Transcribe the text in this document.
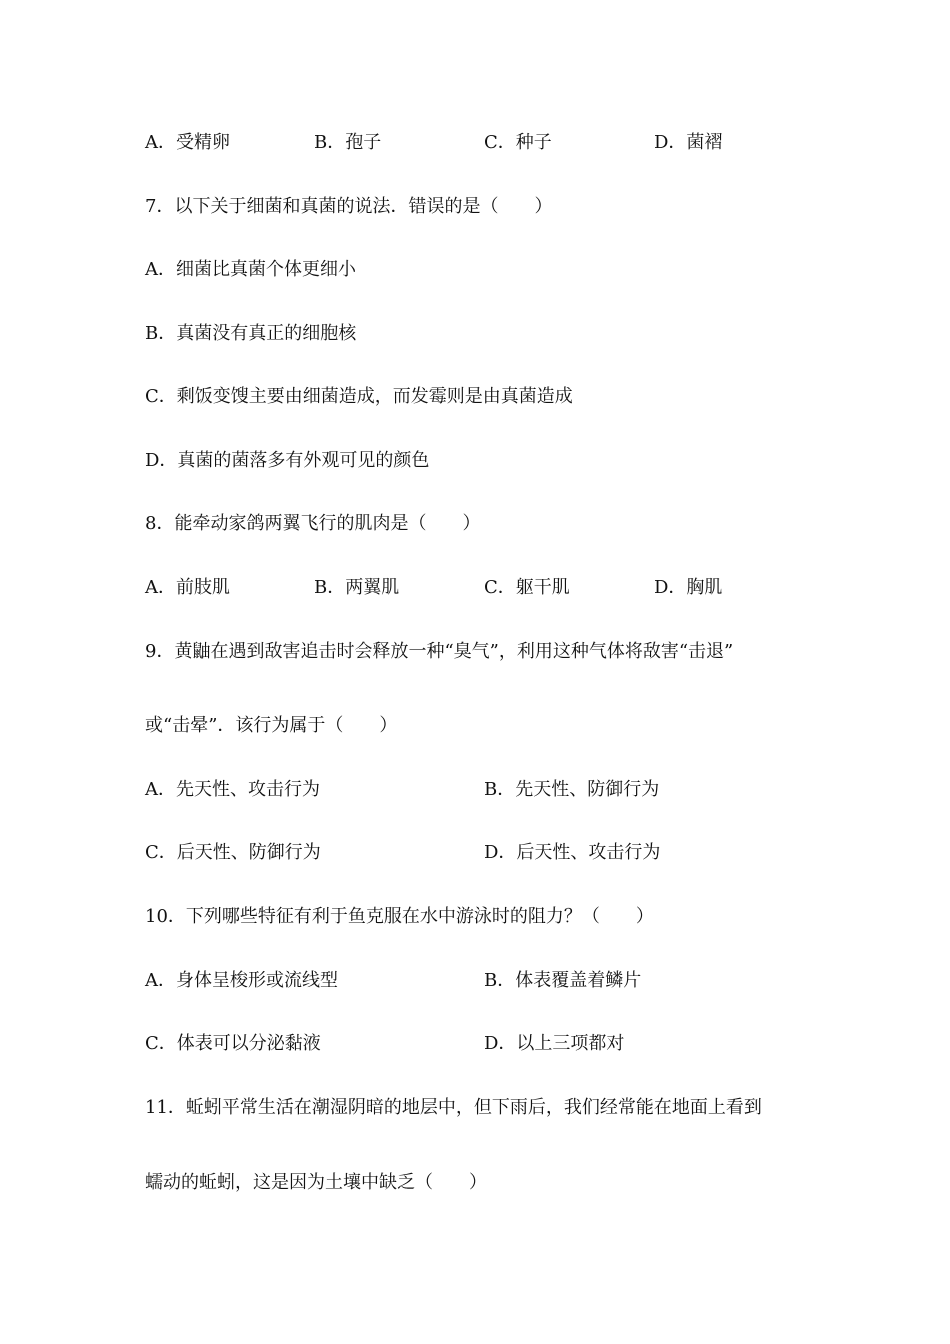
A．受精卵	B．孢子	C．种子	D．菌褶
7．以下关于细菌和真菌的说法．错误的是（　　）
A．细菌比真菌个体更细小
B．真菌没有真正的细胞核
C．剩饭变馊主要由细菌造成，而发霉则是由真菌造成
D．真菌的菌落多有外观可见的颜色
8．能牵动家鸽两翼飞行的肌肉是（　　）
A．前肢肌	B．两翼肌	C．躯干肌	D．胸肌
9．黄鼬在遇到敌害追击时会释放一种“臭气”，利用这种气体将敌害“击退”
或“击晕”．该行为属于（　　）
A．先天性、攻击行为	B．先天性、防御行为
C．后天性、防御行为	D．后天性、攻击行为
10．下列哪些特征有利于鱼克服在水中游泳时的阻力？（　　）
A．身体呈梭形或流线型	B．体表覆盖着鳞片
C．体表可以分泌黏液	D．以上三项都对
11．蚯蚓平常生活在潮湿阴暗的地层中，但下雨后，我们经常能在地面上看到
蠕动的蚯蚓，这是因为土壤中缺乏（　　）
